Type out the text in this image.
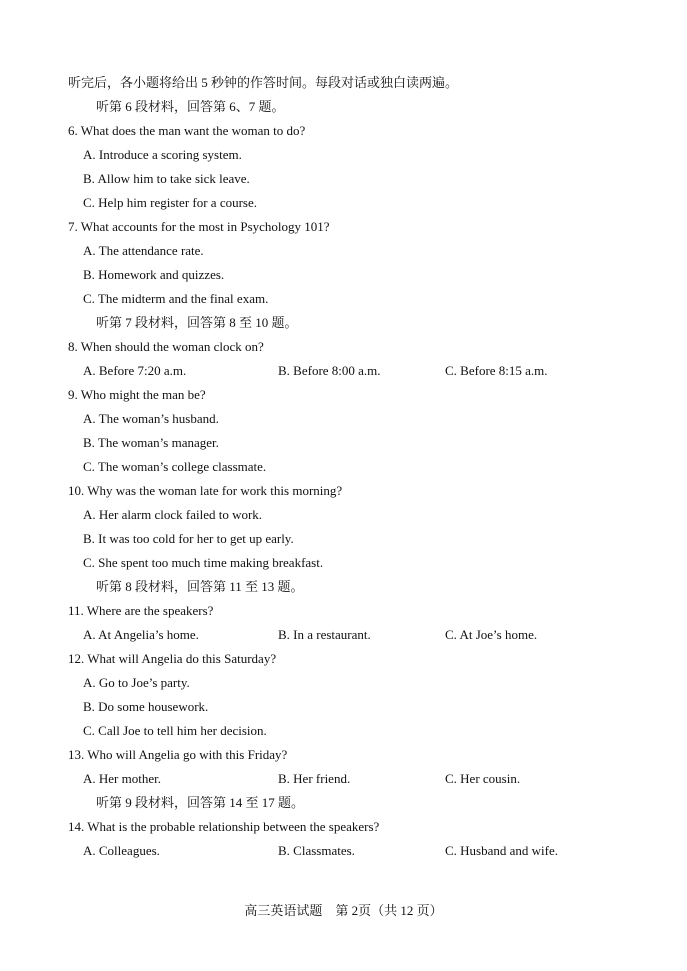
听完后，各小题将给出 5 秒钟的作答时间。每段对话或独白读两遍。
听第 6 段材料，回答第 6、7 题。
6. What does the man want the woman to do?
A. Introduce a scoring system.
B. Allow him to take sick leave.
C. Help him register for a course.
7. What accounts for the most in Psychology 101?
A. The attendance rate.
B. Homework and quizzes.
C. The midterm and the final exam.
听第 7 段材料，回答第 8 至 10 题。
8. When should the woman clock on?
A. Before 7:20 a.m.	B. Before 8:00 a.m.	C. Before 8:15 a.m.
9. Who might the man be?
A. The woman’s husband.
B. The woman’s manager.
C. The woman’s college classmate.
10. Why was the woman late for work this morning?
A. Her alarm clock failed to work.
B. It was too cold for her to get up early.
C. She spent too much time making breakfast.
听第 8 段材料，回答第 11 至 13 题。
11. Where are the speakers?
A. At Angelia’s home.	B. In a restaurant.	C. At Joe’s home.
12. What will Angelia do this Saturday?
A. Go to Joe’s party.
B. Do some housework.
C. Call Joe to tell him her decision.
13. Who will Angelia go with this Friday?
A. Her mother.	B. Her friend.	C. Her cousin.
听第 9 段材料，回答第 14 至 17 题。
14. What is the probable relationship between the speakers?
A. Colleagues.	B. Classmates.	C. Husband and wife.
高三英语试题　第 2页（共 12 页）
